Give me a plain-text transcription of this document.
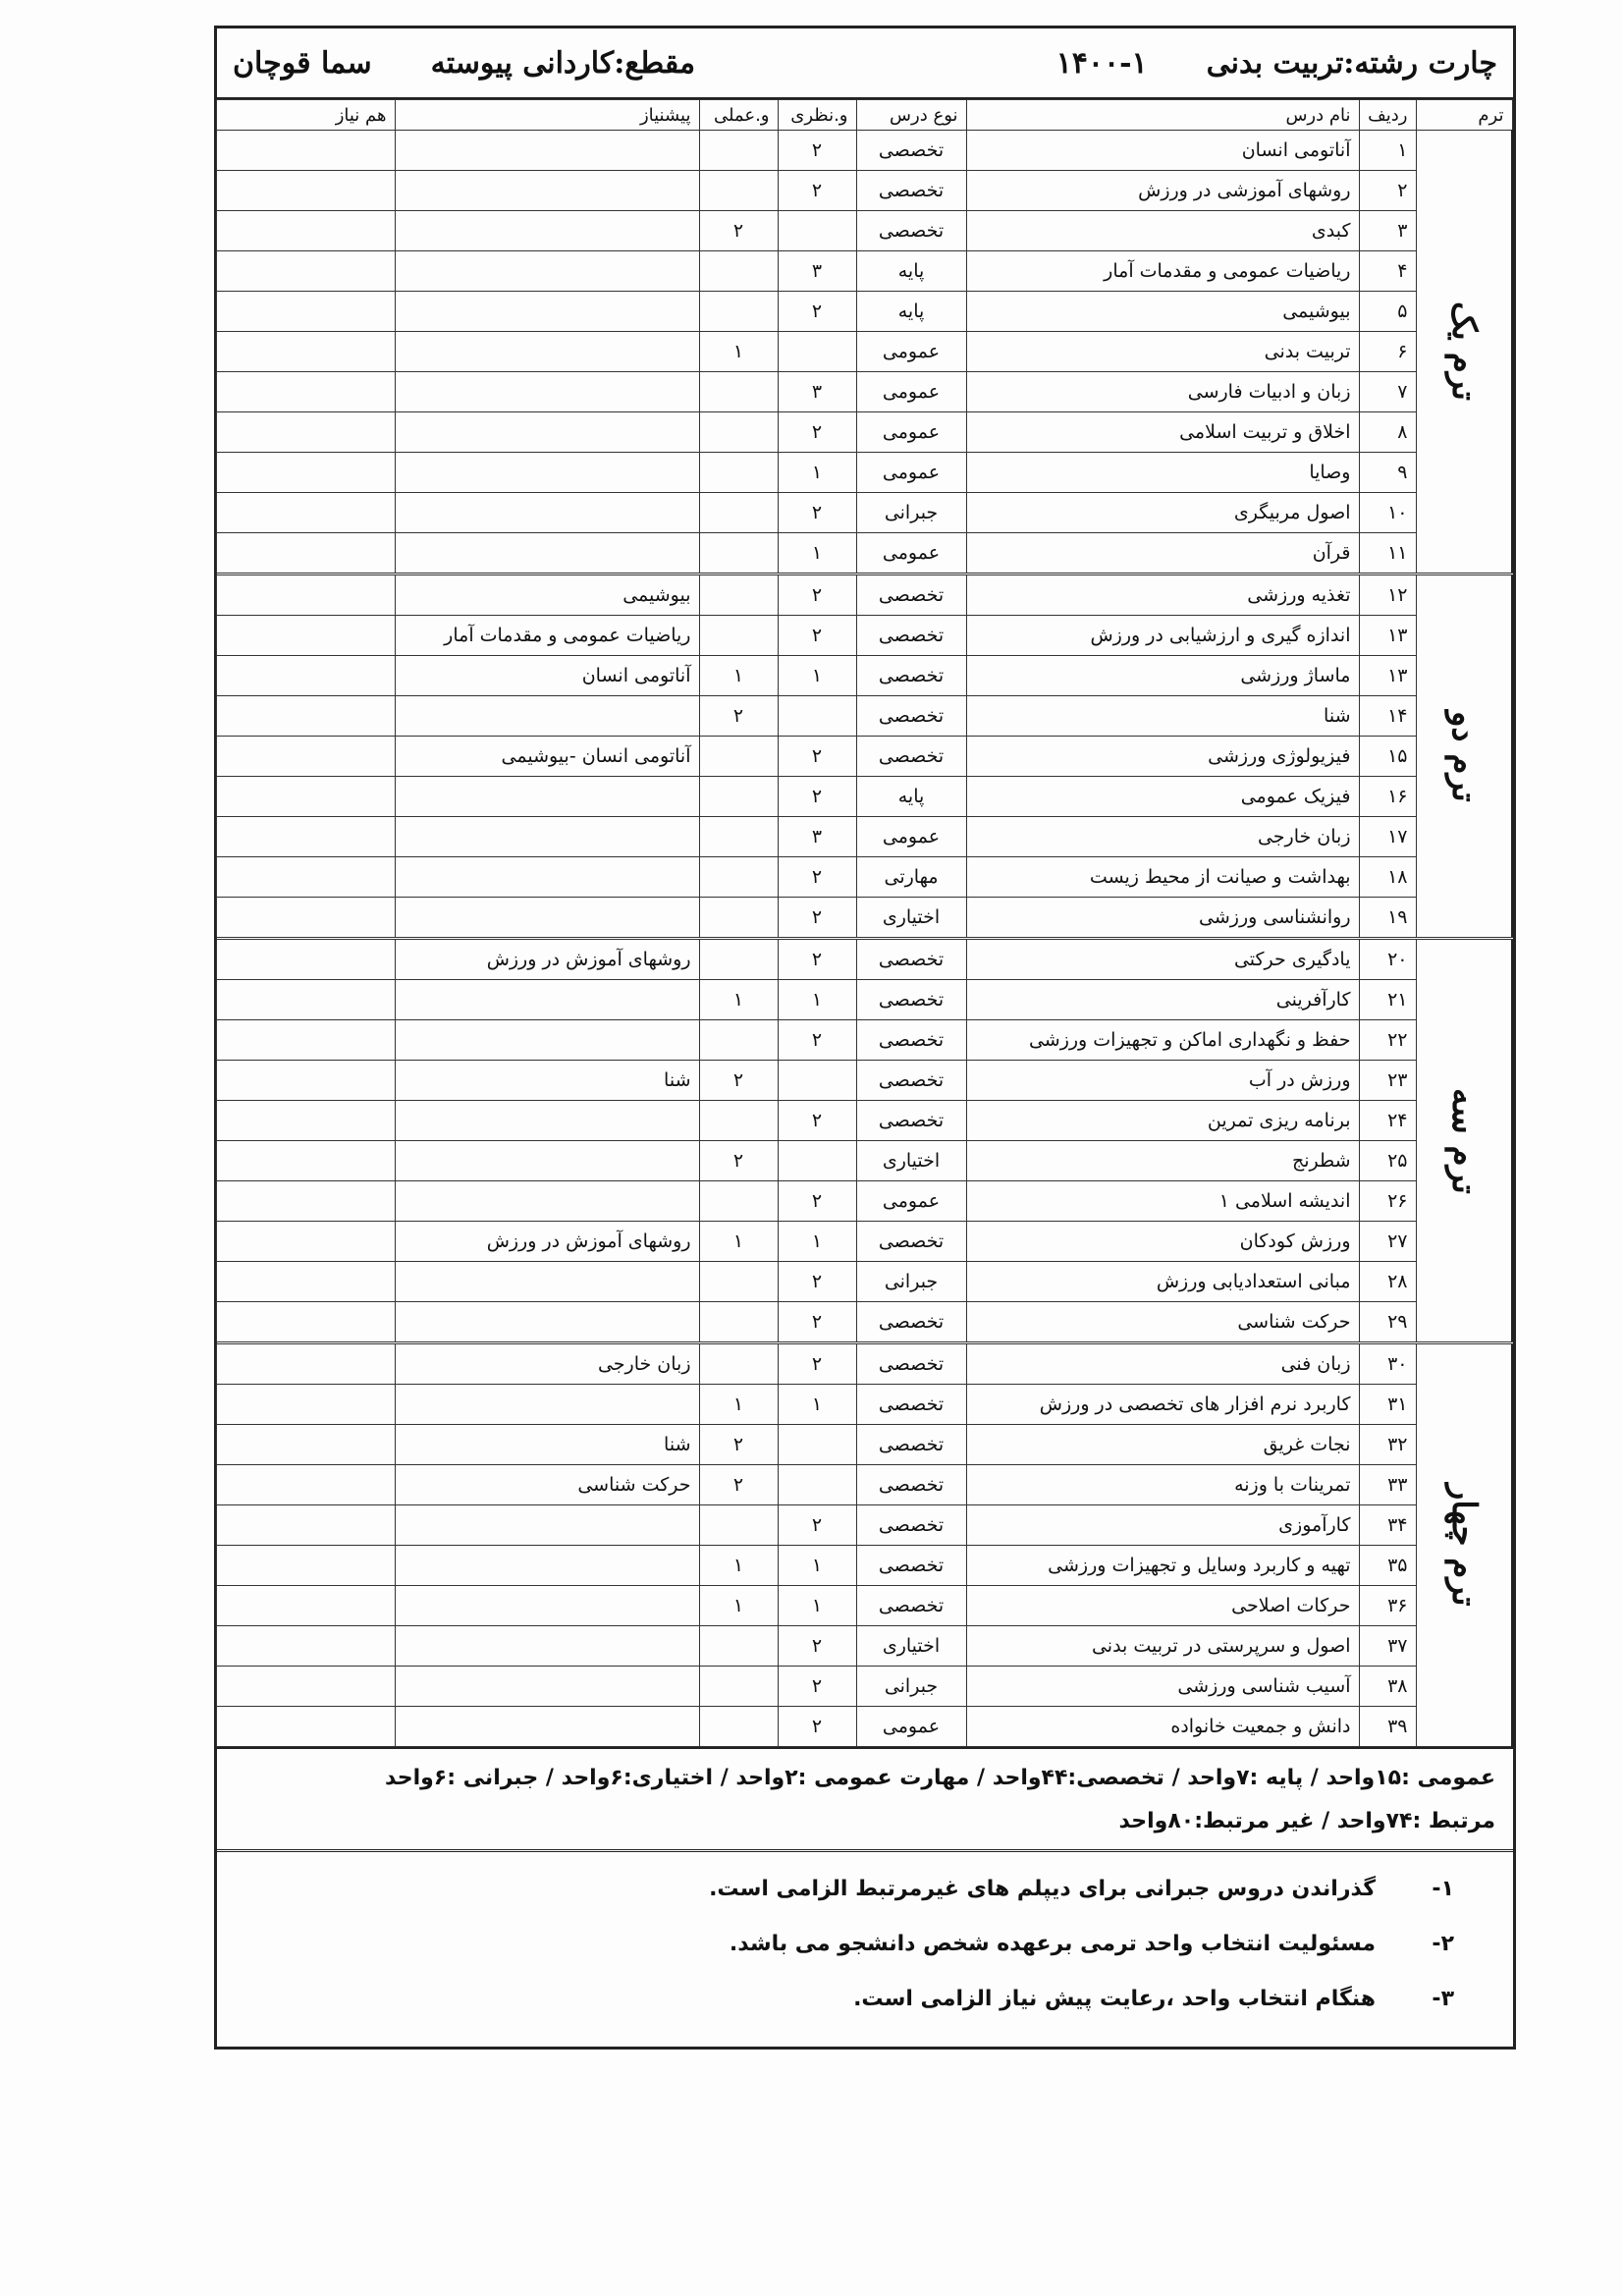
چارت رشته:تربیت بدنی
۱۴۰۰-۱
مقطع:کاردانی پیوسته
سما قوچان
ترم	ردیف	نام درس	نوع درس	و.نظری	و.عملی	پیشنیاز	هم نیاز
ترم یک	۱	آناتومی انسان	تخصصی	۲			
	۲	روشهای آموزشی در ورزش	تخصصی	۲			
	۳	کبدی	تخصصی		۲		
	۴	ریاضیات عمومی و مقدمات آمار	پایه	۳			
	۵	بیوشیمی	پایه	۲			
	۶	تربیت بدنی	عمومی		۱		
	۷	زبان و ادبیات فارسی	عمومی	۳			
	۸	اخلاق و تربیت اسلامی	عمومی	۲			
	۹	وصایا	عمومی	۱			
	۱۰	اصول مربیگری	جبرانی	۲			
	۱۱	قرآن	عمومی	۱			
ترم دو	۱۲	تغذیه ورزشی	تخصصی	۲		بیوشیمی	
	۱۳	اندازه گیری و ارزشیابی در ورزش	تخصصی	۲		ریاضیات عمومی و مقدمات آمار	
	۱۳	ماساژ ورزشی	تخصصی	۱	۱	آناتومی انسان	
	۱۴	شنا	تخصصی		۲		
	۱۵	فیزیولوژی ورزشی	تخصصی	۲		آناتومی انسان -بیوشیمی	
	۱۶	فیزیک عمومی	پایه	۲			
	۱۷	زبان خارجی	عمومی	۳			
	۱۸	بهداشت و صیانت از محیط زیست	مهارتی	۲			
	۱۹	روانشناسی ورزشی	اختیاری	۲			
ترم سه	۲۰	یادگیری حرکتی	تخصصی	۲		روشهای آموزش در ورزش	
	۲۱	کارآفرینی	تخصصی	۱	۱		
	۲۲	حفظ و نگهداری اماکن و تجهیزات ورزشی	تخصصی	۲			
	۲۳	ورزش در آب	تخصصی		۲	شنا	
	۲۴	برنامه ریزی تمرین	تخصصی	۲			
	۲۵	شطرنج	اختیاری		۲		
	۲۶	اندیشه اسلامی ۱	عمومی	۲			
	۲۷	ورزش کودکان	تخصصی	۱	۱	روشهای آموزش در ورزش	
	۲۸	مبانی استعدادیابی ورزش	جبرانی	۲			
	۲۹	حرکت شناسی	تخصصی	۲			
ترم چهار	۳۰	زبان فنی	تخصصی	۲		زبان خارجی	
	۳۱	کاربرد نرم افزار های تخصصی در ورزش	تخصصی	۱	۱		
	۳۲	نجات غریق	تخصصی		۲	شنا	
	۳۳	تمرینات با وزنه	تخصصی		۲	حرکت شناسی	
	۳۴	کارآموزی	تخصصی	۲			
	۳۵	تهیه و کاربرد وسایل و تجهیزات ورزشی	تخصصی	۱	۱		
	۳۶	حرکات اصلاحی	تخصصی	۱	۱		
	۳۷	اصول و سرپرستی در تربیت بدنی	اختیاری	۲			
	۳۸	آسیب شناسی ورزشی	جبرانی	۲			
	۳۹	دانش و جمعیت خانواده	عمومی	۲			
عمومی :۱۵واحد / پایه :۷واحد / تخصصی:۴۴واحد / مهارت عمومی :۲واحد / اختیاری:۶واحد / جبرانی :۶واحد
مرتبط :۷۴واحد / غیر مرتبط:۸۰واحد
۱-
گذراندن دروس جبرانی برای دیپلم های غیرمرتبط الزامی است.
۲-
مسئولیت انتخاب واحد ترمی برعهده شخص دانشجو می باشد.
۳-
هنگام انتخاب واحد ،رعایت پیش نیاز الزامی است.
